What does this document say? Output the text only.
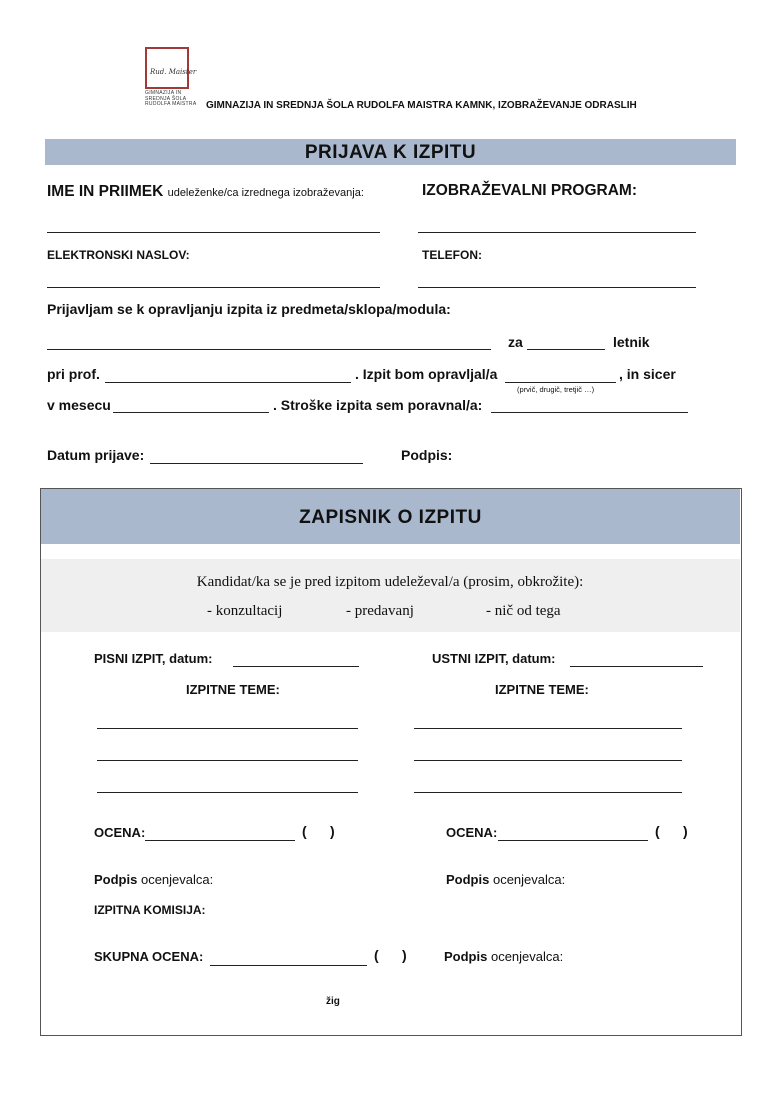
Rud. Maister
GIMNAZIJA IN
SREDNJA ŠOLA
RUDOLFA MAISTRA GIMNAZIJA IN SREDNJA ŠOLA RUDOLFA MAISTRA KAMNK, IZOBRAŽEVANJE ODRASLIH
PRIJAVA K IZPITU
IME IN PRIIMEK udeleženke/ca izrednega izobraževanja:	IZOBRAŽEVALNI PROGRAM:
ELEKTRONSKI NASLOV:	TELEFON:
Prijavljam se k opravljanju izpita iz predmeta/sklopa/modula:
za	letnik
pri prof.	. Izpit bom opravljal/a	, in sicer
(prvič, drugič, tretjič …)
v mesecu	. Stroške izpita sem poravnal/a:
Datum prijave:	Podpis:
ZAPISNIK O IZPITU
Kandidat/ka se je pred izpitom udeleževal/a (prosim, obkrožite):
- konzultacij	- predavanj	- nič od tega
PISNI IZPIT, datum:	USTNI IZPIT, datum:
IZPITNE TEME:	IZPITNE TEME:
OCENA:	(      )	OCENA:	(      )
Podpis ocenjevalca:	Podpis ocenjevalca:
IZPITNA KOMISIJA:
SKUPNA OCENA:	(      )	Podpis ocenjevalca:
žig
